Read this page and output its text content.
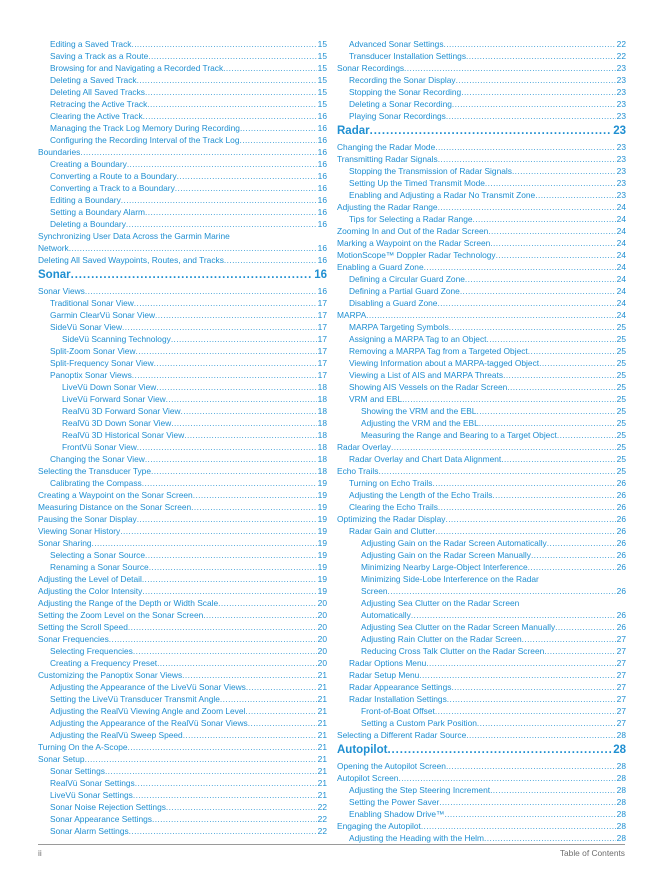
Editing a Saved Track .....	15
Saving a Track as a Route .....	15
Browsing for and Navigating a Recorded Track .....	15
Deleting a Saved Track .....	15
Deleting All Saved Tracks .....	15
Retracing the Active Track .....	15
Clearing the Active Track .....	16
Managing the Track Log Memory During Recording .....	16
Configuring the Recording Interval of the Track Log .....	16
Boundaries .....	16
Creating a Boundary .....	16
Converting a Route to a Boundary .....	16
Converting a Track to a Boundary .....	16
Editing a Boundary .....	16
Setting a Boundary Alarm .....	16
Deleting a Boundary .....	16
Synchronizing User Data Across the Garmin Marine
Network .....	16
Deleting All Saved Waypoints, Routes, and Tracks .....	16
Sonar .....	16
Sonar Views .....	16
Traditional Sonar View .....	17
Garmin ClearVü Sonar View .....	17
SideVü Sonar View .....	17
SideVü Scanning Technology .....	17
Split-Zoom Sonar View .....	17
Split-Frequency Sonar View .....	17
Panoptix Sonar Views .....	17
LiveVü Down Sonar View .....	18
LiveVü Forward Sonar View .....	18
RealVü 3D Forward Sonar View .....	18
RealVü 3D Down Sonar View .....	18
RealVü 3D Historical Sonar View .....	18
FrontVü Sonar View .....	18
Changing the Sonar View .....	18
Selecting the Transducer Type .....	18
Calibrating the Compass .....	19
Creating a Waypoint on the Sonar Screen .....	19
Measuring Distance on the Sonar Screen .....	19
Pausing the Sonar Display .....	19
Viewing Sonar History .....	19
Sonar Sharing .....	19
Selecting a Sonar Source .....	19
Renaming a Sonar Source .....	19
Adjusting the Level of Detail .....	19
Adjusting the Color Intensity .....	19
Adjusting the Range of the Depth or Width Scale .....	20
Setting the Zoom Level on the Sonar Screen .....	20
Setting the Scroll Speed .....	20
Sonar Frequencies .....	20
Selecting Frequencies .....	20
Creating a Frequency Preset .....	20
Customizing the Panoptix Sonar Views .....	21
Adjusting the Appearance of the LiveVü Sonar Views .....	21
Setting the LiveVü Transducer Transmit Angle .....	21
Adjusting the RealVü Viewing Angle and Zoom Level .....	21
Adjusting the Appearance of the RealVü Sonar Views .....	21
Adjusting the RealVü Sweep Speed .....	21
Turning On the A-Scope .....	21
Sonar Setup .....	21
Sonar Settings .....	21
RealVü Sonar Settings .....	21
LiveVü Sonar Settings .....	21
Sonar Noise Rejection Settings .....	22
Sonar Appearance Settings .....	22
Sonar Alarm Settings .....	22
Advanced Sonar Settings .....	22
Transducer Installation Settings .....	22
Sonar Recordings .....	23
Recording the Sonar Display .....	23
Stopping the Sonar Recording .....	23
Deleting a Sonar Recording .....	23
Playing Sonar Recordings .....	23
Radar .....	23
Changing the Radar Mode .....	23
Transmitting Radar Signals .....	23
Stopping the Transmission of Radar Signals .....	23
Setting Up the Timed Transmit Mode .....	23
Enabling and Adjusting a Radar No Transmit Zone .....	23
Adjusting the Radar Range .....	24
Tips for Selecting a Radar Range .....	24
Zooming In and Out of the Radar Screen .....	24
Marking a Waypoint on the Radar Screen .....	24
MotionScope™ Doppler Radar Technology .....	24
Enabling a Guard Zone .....	24
Defining a Circular Guard Zone .....	24
Defining a Partial Guard Zone .....	24
Disabling a Guard Zone .....	24
MARPA .....	24
MARPA Targeting Symbols .....	25
Assigning a MARPA Tag to an Object .....	25
Removing a MARPA Tag from a Targeted Object .....	25
Viewing Information about a MARPA-tagged Object .....	25
Viewing a List of AIS and MARPA Threats .....	25
Showing AIS Vessels on the Radar Screen .....	25
VRM and EBL .....	25
Showing the VRM and the EBL .....	25
Adjusting the VRM and the EBL .....	25
Measuring the Range and Bearing to a Target Object .....	25
Radar Overlay .....	25
Radar Overlay and Chart Data Alignment .....	25
Echo Trails .....	25
Turning on Echo Trails .....	26
Adjusting the Length of the Echo Trails .....	26
Clearing the Echo Trails .....	26
Optimizing the Radar Display .....	26
Radar Gain and Clutter .....	26
Adjusting Gain on the Radar Screen Automatically .....	26
Adjusting Gain on the Radar Screen Manually .....	26
Minimizing Nearby Large-Object Interference .....	26
Minimizing Side-Lobe Interference on the Radar
Screen .....	26
Adjusting Sea Clutter on the Radar Screen
Automatically .....	26
Adjusting Sea Clutter on the Radar Screen Manually .....	26
Adjusting Rain Clutter on the Radar Screen .....	27
Reducing Cross Talk Clutter on the Radar Screen .....	27
Radar Options Menu .....	27
Radar Setup Menu .....	27
Radar Appearance Settings .....	27
Radar Installation Settings .....	27
Front-of-Boat Offset .....	27
Setting a Custom Park Position .....	27
Selecting a Different Radar Source .....	28
Autopilot .....	28
Opening the Autopilot Screen .....	28
Autopilot Screen .....	28
Adjusting the Step Steering Increment .....	28
Setting the Power Saver .....	28
Enabling Shadow Drive™ .....	28
Engaging the Autopilot .....	28
Adjusting the Heading with the Helm .....	28
ii	Table of Contents
